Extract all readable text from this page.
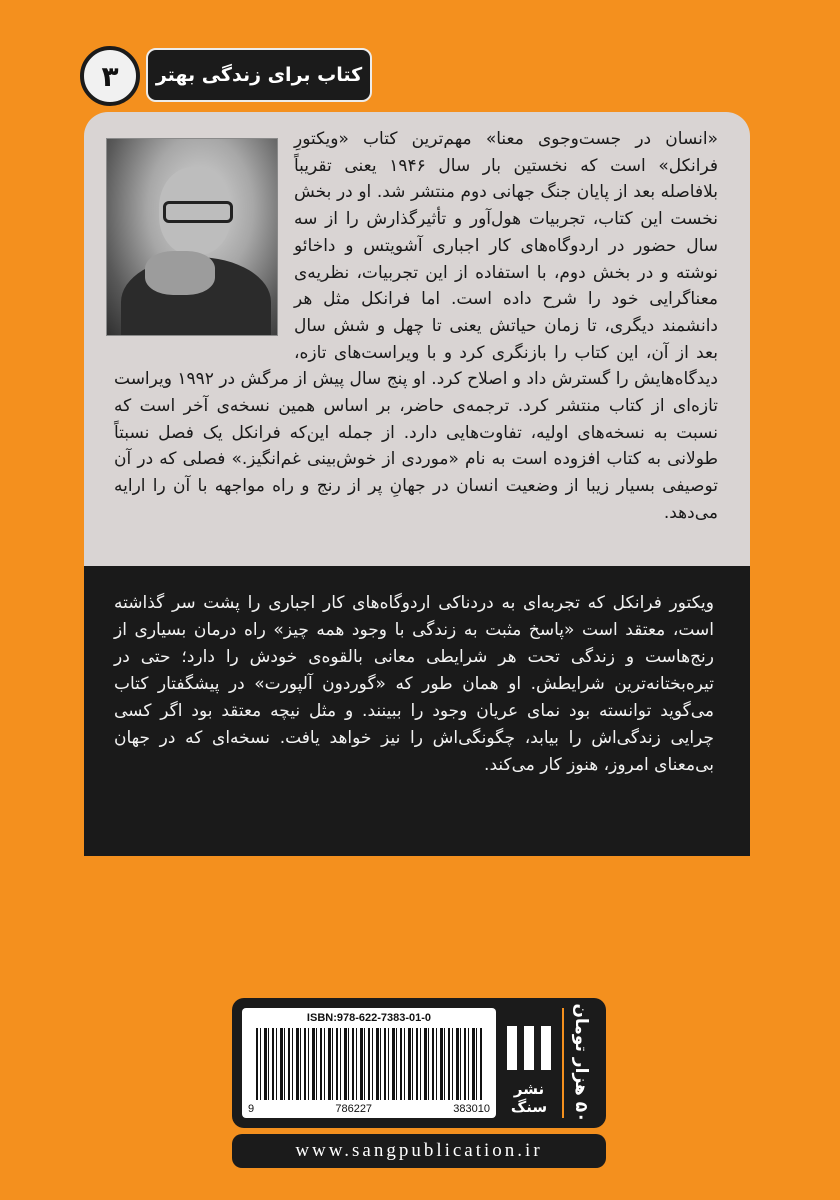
۳	کتاب برای زندگی بهتر

«انسان در جست‌وجوی معنا» مهم‌ترین کتاب «ویکتورِ فرانکل» است که نخستین بار سال ۱۹۴۶ یعنی تقریباً بلافاصله بعد از پایان جنگ جهانی دوم منتشر شد. او در بخش نخست این کتاب، تجربیات هول‌آور و تأثیرگذارش را از سه سال حضور در اردوگاه‌های کار اجباری آشویتس و داخائو نوشته و در بخش دوم، با استفاده از این تجربیات، نظریه‌ی معناگرایی خود را شرح داده است. اما فرانکل مثل هر دانشمند دیگری، تا زمان حیاتش یعنی تا چهل و شش سال بعد از آن، این کتاب را بازنگری کرد و با ویراست‌های تازه، دیدگاه‌هایش را گسترش داد و اصلاح کرد. او پنج سال پیش از مرگش در ۱۹۹۲ ویراست تازه‌ای از کتاب منتشر کرد. ترجمه‌ی حاضر، بر اساس همین نسخه‌ی آخر است که نسبت به نسخه‌های اولیه، تفاوت‌هایی دارد. از جمله این‌که فرانکل یک فصل نسبتاً طولانی به کتاب افزوده است به نام «موردی از خوش‌بینی غم‌انگیز.» فصلی که در آن توصیفی بسیار زیبا از وضعیت انسان در جهانِ پر از رنج و راه مواجهه با آن را ارایه می‌دهد.

ویکتور فرانکل که تجربه‌ای به دردناکی اردوگاه‌های کار اجباری را پشت سر گذاشته است، معتقد است «پاسخ مثبت به زندگی با وجود همه چیز» راه درمان بسیاری از رنج‌هاست و زندگی تحت هر شرایطی معانی بالقوه‌ی خودش را دارد؛ حتی در تیره‌بختانه‌ترین شرایطش. او همان طور که «گوردون آلپورت» در پیشگفتار کتاب می‌گوید توانسته بود نمای عریان وجود را ببینند. و مثل نیچه معتقد بود اگر کسی چرایی زندگی‌اش را بیابد، چگونگی‌اش را نیز خواهد یافت. نسخه‌ای که در جهان بی‌معنای امروز، هنوز کار می‌کند.

ISBN:978-622-7383-01-0
9	786227	383010
نشر سنگ
۵۰ هزار تومان
www.sangpublication.ir
